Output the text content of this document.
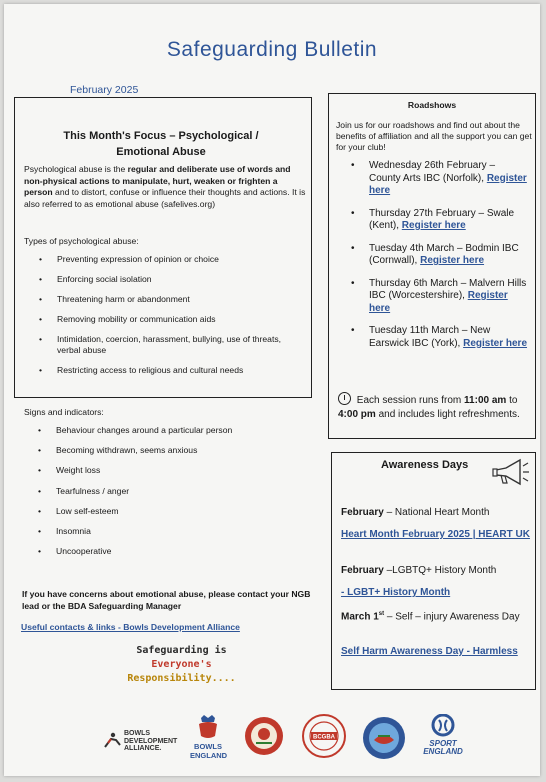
Safeguarding Bulletin
February 2025
This Month's Focus – Psychological /
Emotional Abuse
Psychological abuse is the regular and deliberate use of words and non-physical actions to manipulate, hurt, weaken or frighten a person and to distort, confuse or influence their thoughts and actions. It is also referred to as emotional abuse (safelives.org)
Types of psychological abuse:
• Preventing expression of opinion or choice
• Enforcing social isolation
• Threatening harm or abandonment
• Removing mobility or communication aids
• Intimidation, coercion, harassment, bullying, use of threats, verbal abuse
• Restricting access to religious and cultural needs
Signs and indicators:
• Behaviour changes around a particular person
• Becoming withdrawn, seems anxious
• Weight loss
• Tearfulness / anger
• Low self-esteem
• Insomnia
• Uncooperative
If you have concerns about emotional abuse, please contact your NGB lead or the BDA Safeguarding Manager
Useful contacts & links - Bowls Development Alliance
Safeguarding is
Everyone's
Responsibility....
Roadshows
Join us for our roadshows and find out about the benefits of affiliation and all the support you can get for your club!
• Wednesday 26th February – County Arts IBC (Norfolk), Register here
• Thursday 27th February – Swale (Kent), Register here
• Tuesday 4th March – Bodmin IBC (Cornwall), Register here
• Thursday 6th March – Malvern Hills IBC (Worcestershire), Register here
• Tuesday 11th March – New Earswick IBC (York), Register here
Each session runs from 11:00 am to 4:00 pm and includes light refreshments.
Awareness Days
February – National Heart Month
Heart Month February 2025 | HEART UK
February –LGBTQ+ History Month
- LGBT+ History Month
March 1st – Self – injury Awareness Day
Self Harm Awareness Day - Harmless
BOWLS DEVELOPMENT ALLIANCE.	BOWLS ENGLAND
BCGBA
SPORT ENGLAND
